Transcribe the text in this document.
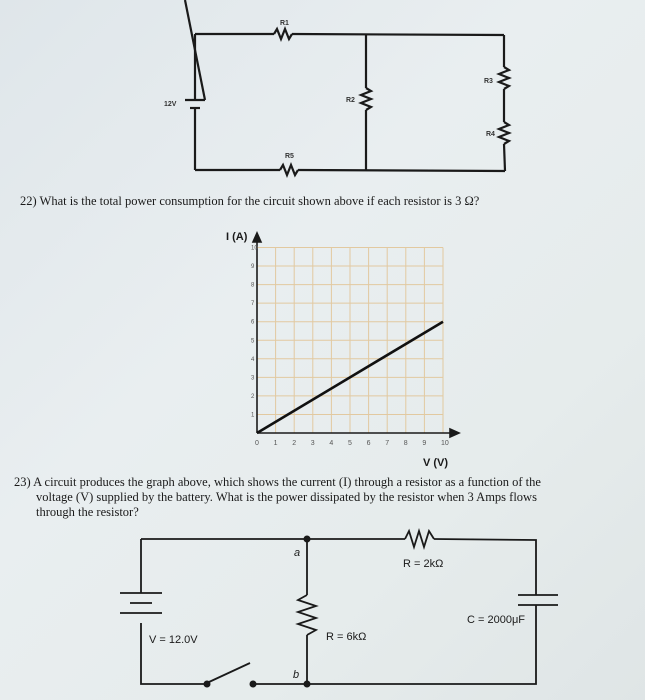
12V
R1
R2
R3
R4
R5
22) What is the total power consumption for the circuit shown above if each resistor is 3 Ω?
0 1 2 3 4 5 6 7 8 9 10
1
2
3
4
5
6
7
8
9
10
I (A)
V (V)
23) A circuit produces the graph above, which shows the current (I) through a resistor as a function of the
voltage (V) supplied by the battery. What is the power dissipated by the resistor when 3 Amps flows
through the resistor?
a
b
R = 2kΩ
R = 6kΩ
C = 2000μF
V = 12.0V
